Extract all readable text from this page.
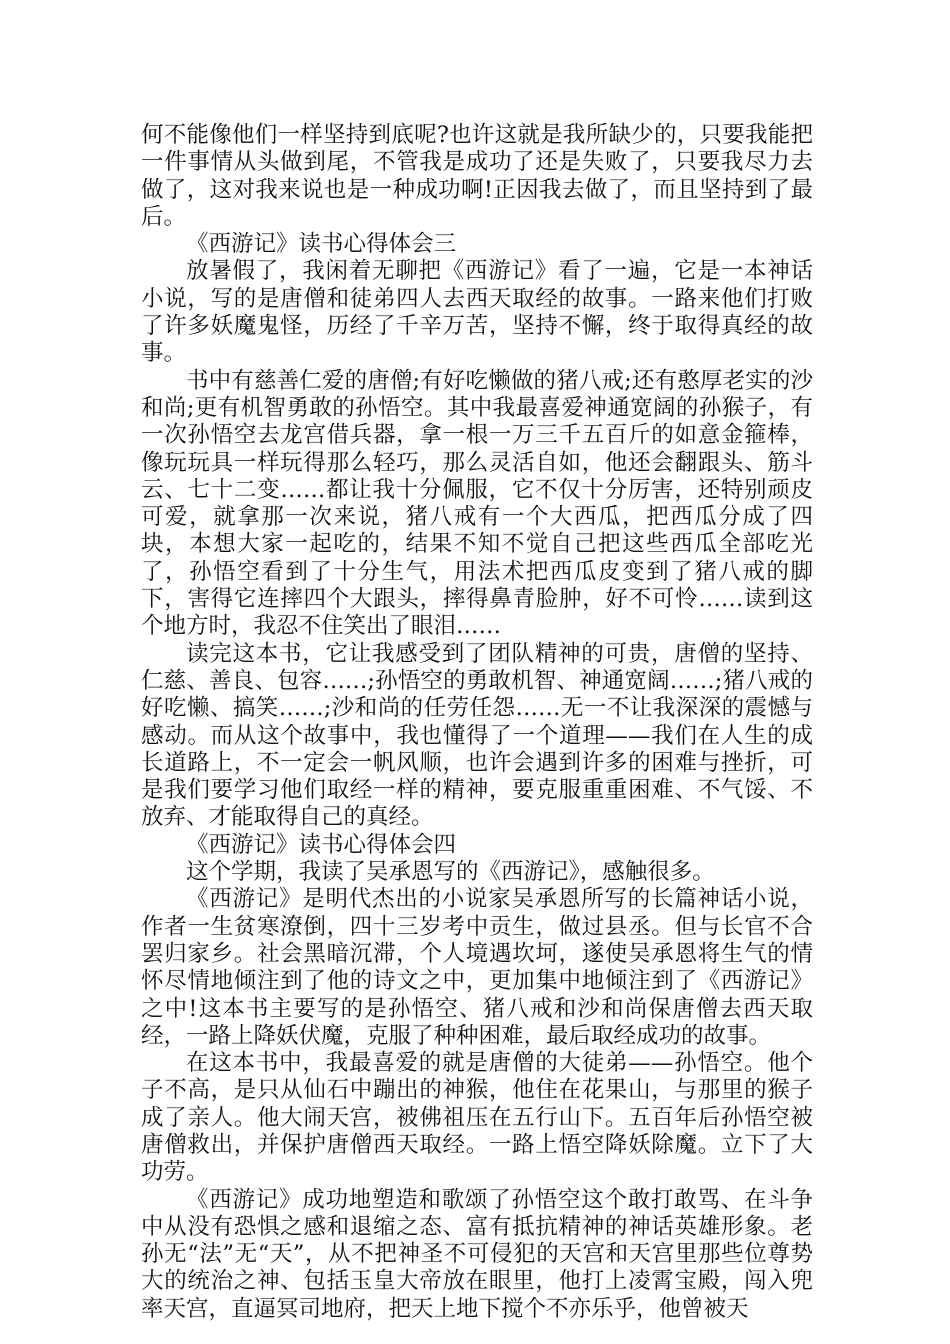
何不能像他们一样坚持到底呢?也许这就是我所缺少的，只要我能把一件事情从头做到尾，不管我是成功了还是失败了，只要我尽力去做了，这对我来说也是一种成功啊!正因我去做了，而且坚持到了最后。

《西游记》读书心得体会三

放暑假了，我闲着无聊把《西游记》看了一遍，它是一本神话小说，写的是唐僧和徒弟四人去西天取经的故事。一路来他们打败了许多妖魔鬼怪，历经了千辛万苦，坚持不懈，终于取得真经的故事。

书中有慈善仁爱的唐僧;有好吃懒做的猪八戒;还有憨厚老实的沙和尚;更有机智勇敢的孙悟空。其中我最喜爱神通宽阔的孙猴子，有一次孙悟空去龙宫借兵器，拿一根一万三千五百斤的如意金箍棒，像玩玩具一样玩得那么轻巧，那么灵活自如，他还会翻跟头、筋斗云、七十二变……都让我十分佩服，它不仅十分厉害，还特别顽皮可爱，就拿那一次来说，猪八戒有一个大西瓜，把西瓜分成了四块，本想大家一起吃的，结果不知不觉自己把这些西瓜全部吃光了，孙悟空看到了十分生气，用法术把西瓜皮变到了猪八戒的脚下，害得它连摔四个大跟头，摔得鼻青脸肿，好不可怜……读到这个地方时，我忍不住笑出了眼泪……

读完这本书，它让我感受到了团队精神的可贵，唐僧的坚持、仁慈、善良、包容……;孙悟空的勇敢机智、神通宽阔……;猪八戒的好吃懒、搞笑……;沙和尚的任劳任怨……无一不让我深深的震憾与感动。而从这个故事中，我也懂得了一个道理——我们在人生的成长道路上，不一定会一帆风顺，也许会遇到许多的困难与挫折，可是我们要学习他们取经一样的精神，要克服重重困难、不气馁、不放弃、才能取得自己的真经。

《西游记》读书心得体会四

这个学期，我读了吴承恩写的《西游记》，感触很多。

《西游记》是明代杰出的小说家吴承恩所写的长篇神话小说，作者一生贫寒潦倒，四十三岁考中贡生，做过县丞。但与长官不合罢归家乡。社会黑暗沉滞，个人境遇坎坷，遂使吴承恩将生气的情怀尽情地倾注到了他的诗文之中，更加集中地倾注到了《西游记》之中!这本书主要写的是孙悟空、猪八戒和沙和尚保唐僧去西天取经，一路上降妖伏魔，克服了种种困难，最后取经成功的故事。

在这本书中，我最喜爱的就是唐僧的大徒弟——孙悟空。他个子不高，是只从仙石中蹦出的神猴，他住在花果山，与那里的猴子成了亲人。他大闹天宫，被佛祖压在五行山下。五百年后孙悟空被唐僧救出，并保护唐僧西天取经。一路上悟空降妖除魔。立下了大功劳。

《西游记》成功地塑造和歌颂了孙悟空这个敢打敢骂、在斗争中从没有恐惧之感和退缩之态、富有抵抗精神的神话英雄形象。老孙无“法”无“天”，从不把神圣不可侵犯的天宫和天宫里那些位尊势大的统治之神、包括玉皇大帝放在眼里，他打上凌霄宝殿，闯入兜率天宫，直逼冥司地府，把天上地下搅个不亦乐乎，他曾被天
